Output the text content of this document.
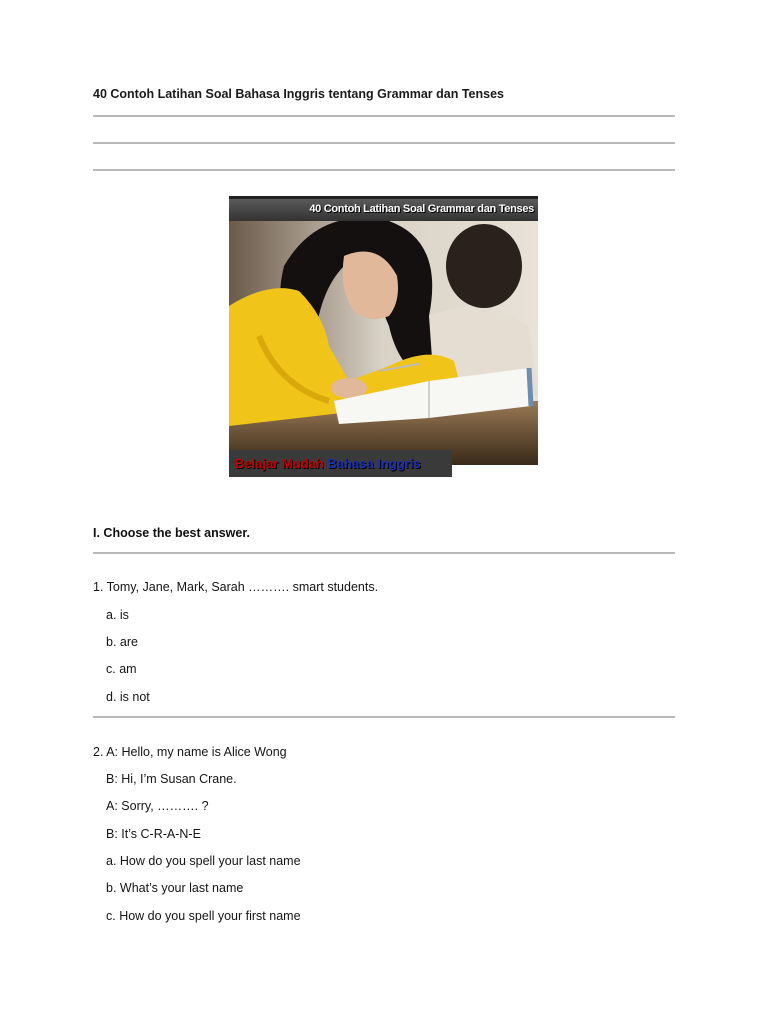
40 Contoh Latihan Soal Bahasa Inggris tentang Grammar dan Tenses
40 Contoh Latihan Soal Grammar dan Tenses
Belajar Mudah Bahasa Inggris
I. Choose the best answer.
1. Tomy, Jane, Mark, Sarah ………. smart students.
a. is
b. are
c. am
d. is not
2. A: Hello, my name is Alice Wong
B: Hi, I’m Susan Crane.
A: Sorry, ………. ?
B: It’s C-R-A-N-E
a. How do you spell your last name
b. What’s your last name
c. How do you spell your first name
